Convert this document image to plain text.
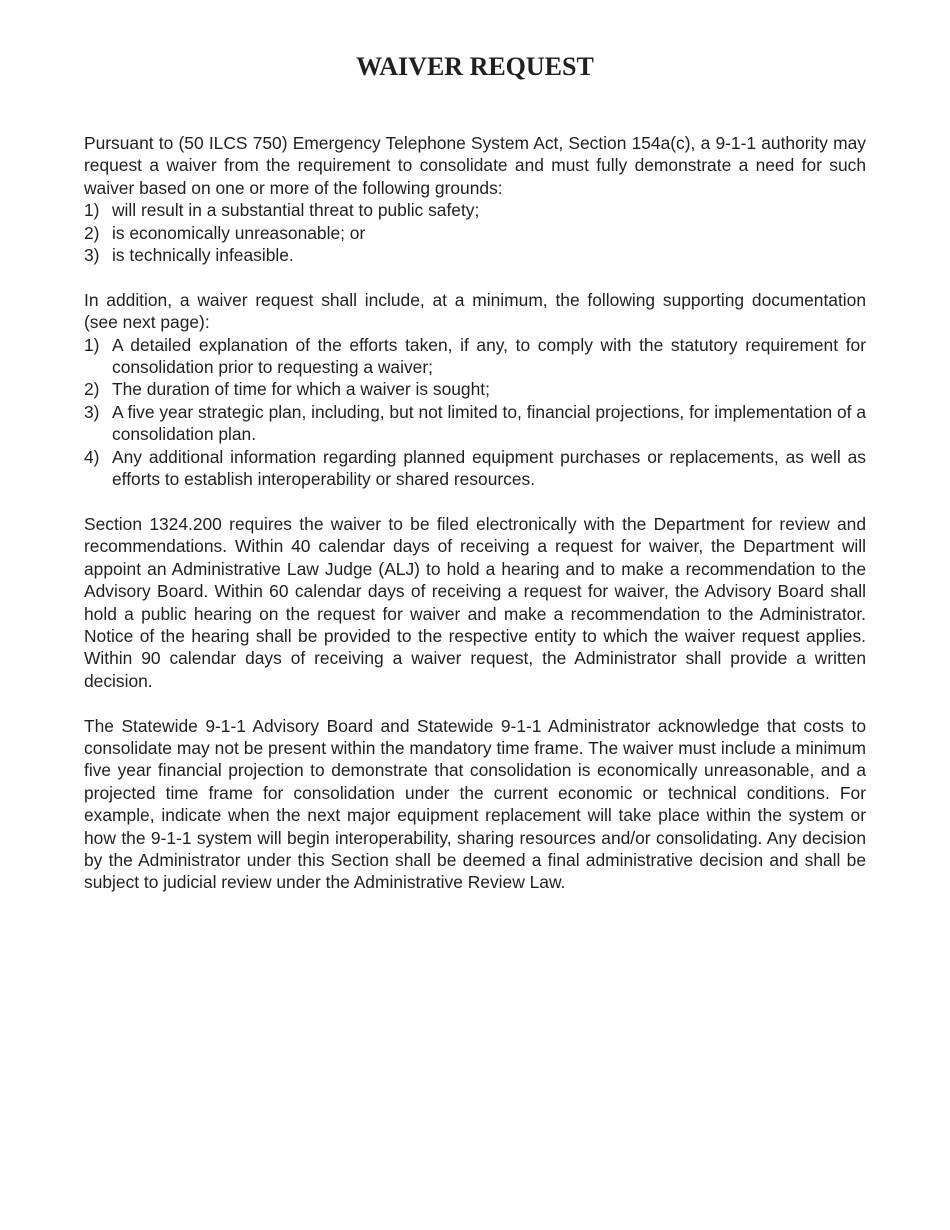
WAIVER REQUEST

Pursuant to (50 ILCS 750) Emergency Telephone System Act, Section 154a(c), a 9-1-1 authority may request a waiver from the requirement to consolidate and must fully demonstrate a need for such waiver based on one or more of the following grounds:

1) will result in a substantial threat to public safety;
2) is economically unreasonable; or
3) is technically infeasible.

In addition, a waiver request shall include, at a minimum, the following supporting documentation (see next page):

1) A detailed explanation of the efforts taken, if any, to comply with the statutory requirement for consolidation prior to requesting a waiver;
2) The duration of time for which a waiver is sought;
3) A five year strategic plan, including, but not limited to, financial projections, for implementation of a consolidation plan.
4) Any additional information regarding planned equipment purchases or replacements, as well as efforts to establish interoperability or shared resources.

Section 1324.200 requires the waiver to be filed electronically with the Department for review and recommendations. Within 40 calendar days of receiving a request for waiver, the Department will appoint an Administrative Law Judge (ALJ) to hold a hearing and to make a recommendation to the Advisory Board. Within 60 calendar days of receiving a request for waiver, the Advisory Board shall hold a public hearing on the request for waiver and make a recommendation to the Administrator. Notice of the hearing shall be provided to the respective entity to which the waiver request applies. Within 90 calendar days of receiving a waiver request, the Administrator shall provide a written decision.

The Statewide 9-1-1 Advisory Board and Statewide 9-1-1 Administrator acknowledge that costs to consolidate may not be present within the mandatory time frame. The waiver must include a minimum five year financial projection to demonstrate that consolidation is economically unreasonable, and a projected time frame for consolidation under the current economic or technical conditions. For example, indicate when the next major equipment replacement will take place within the system or how the 9-1-1 system will begin interoperability, sharing resources and/or consolidating. Any decision by the Administrator under this Section shall be deemed a final administrative decision and shall be subject to judicial review under the Administrative Review Law.
